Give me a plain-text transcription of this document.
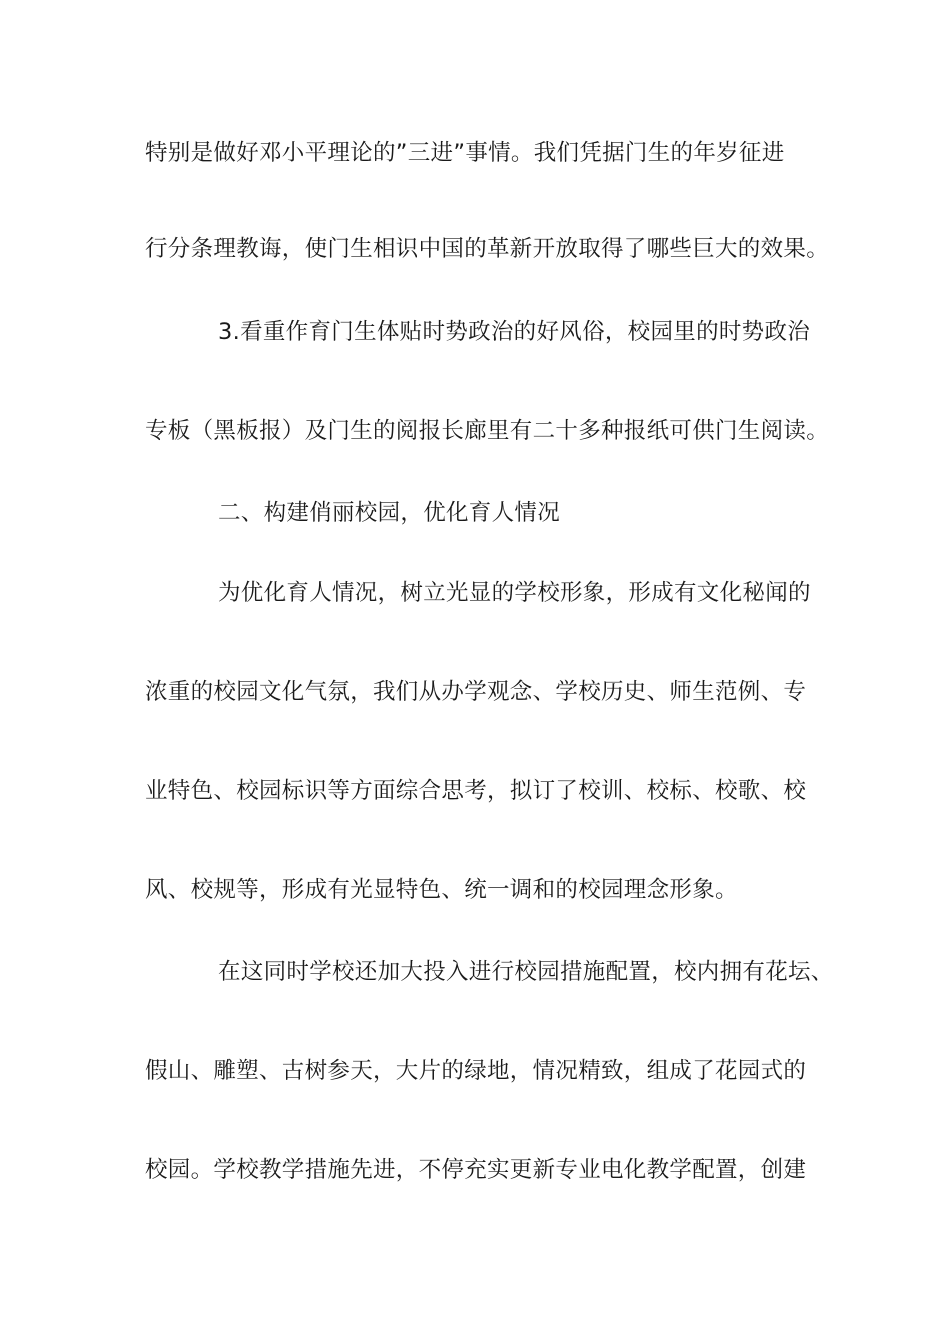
特别是做好邓小平理论的”三进”事情。我们凭据门生的年岁征进
行分条理教诲，使门生相识中国的革新开放取得了哪些巨大的效果。
3.看重作育门生体贴时势政治的好风俗，校园里的时势政治
专板（黑板报）及门生的阅报长廊里有二十多种报纸可供门生阅读。
二、构建俏丽校园，优化育人情况
为优化育人情况，树立光显的学校形象，形成有文化秘闻的
浓重的校园文化气氛，我们从办学观念、学校历史、师生范例、专
业特色、校园标识等方面综合思考，拟订了校训、校标、校歌、校
风、校规等，形成有光显特色、统一调和的校园理念形象。
在这同时学校还加大投入进行校园措施配置，校内拥有花坛、
假山、雕塑、古树参天，大片的绿地，情况精致，组成了花园式的
校园。学校教学措施先进，不停充实更新专业电化教学配置，创建
